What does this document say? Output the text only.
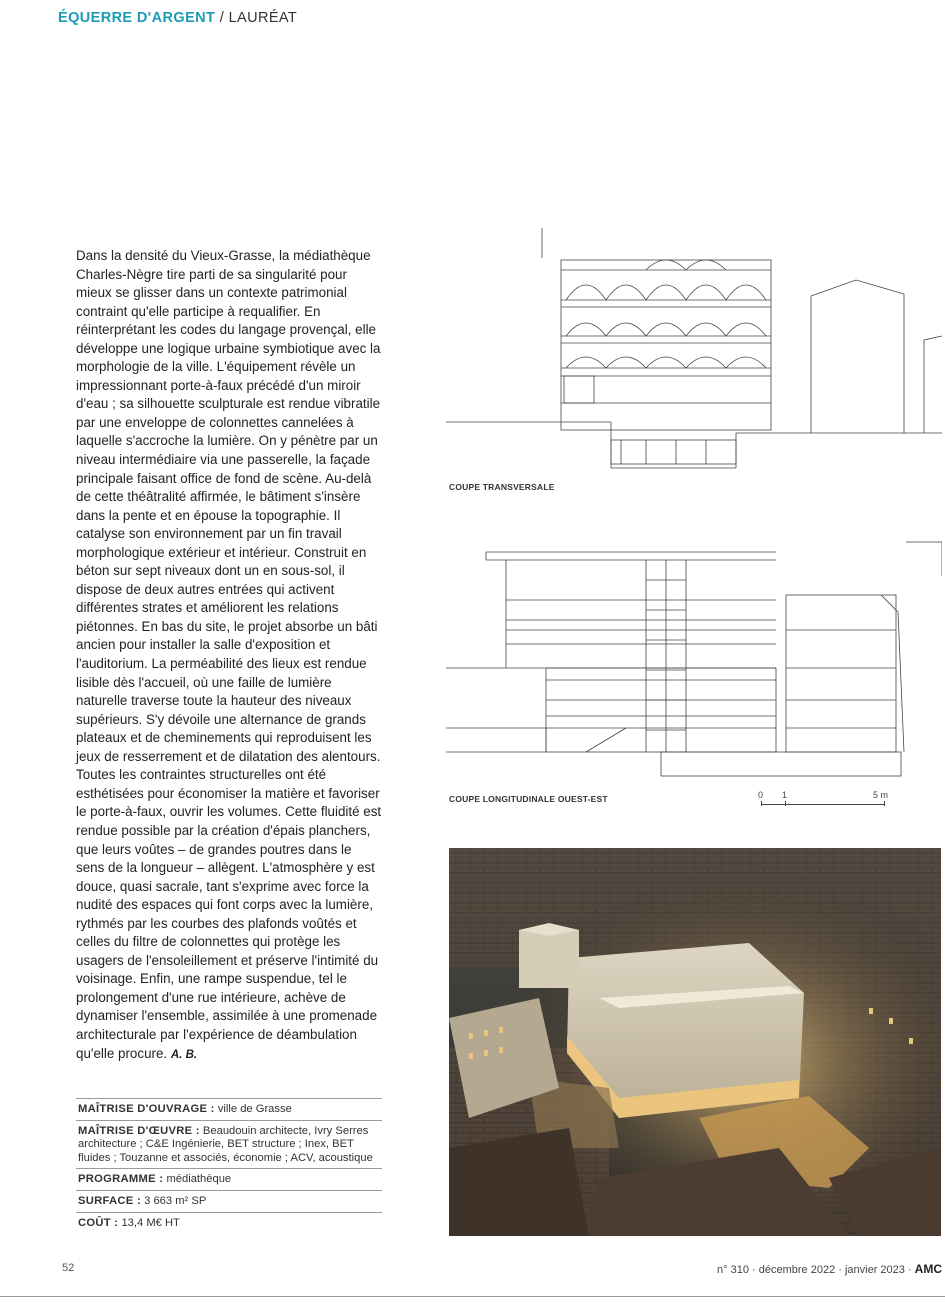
ÉQUERRE D'ARGENT / LAURÉAT
Dans la densité du Vieux-Grasse, la médiathèque Charles-Nègre tire parti de sa singularité pour mieux se glisser dans un contexte patrimonial contraint qu'elle participe à requalifier. En réinterprétant les codes du langage provençal, elle développe une logique urbaine symbiotique avec la morphologie de la ville. L'équipement révèle un impressionnant porte-à-faux précédé d'un miroir d'eau ; sa silhouette sculpturale est rendue vibratile par une enveloppe de colonnettes cannelées à laquelle s'accroche la lumière. On y pénètre par un niveau intermédiaire via une passerelle, la façade principale faisant office de fond de scène. Au-delà de cette théâtralité affirmée, le bâtiment s'insère dans la pente et en épouse la topographie. Il catalyse son environnement par un fin travail morphologique extérieur et intérieur. Construit en béton sur sept niveaux dont un en sous-sol, il dispose de deux autres entrées qui activent différentes strates et améliorent les relations piétonnes. En bas du site, le projet absorbe un bâti ancien pour installer la salle d'exposition et l'auditorium. La perméabilité des lieux est rendue lisible dès l'accueil, où une faille de lumière naturelle traverse toute la hauteur des niveaux supérieurs. S'y dévoile une alternance de grands plateaux et de cheminements qui reproduisent les jeux de resserrement et de dilatation des alentours. Toutes les contraintes structurelles ont été esthétisées pour économiser la matière et favoriser le porte-à-faux, ouvrir les volumes. Cette fluidité est rendue possible par la création d'épais planchers, que leurs voûtes – de grandes poutres dans le sens de la longueur – allègent. L'atmosphère y est douce, quasi sacrale, tant s'exprime avec force la nudité des espaces qui font corps avec la lumière, rythmés par les courbes des plafonds voûtés et celles du filtre de colonnettes qui protège les usagers de l'ensoleillement et préserve l'intimité du voisinage. Enfin, une rampe suspendue, tel le prolongement d'une rue intérieure, achève de dynamiser l'ensemble, assimilée à une promenade architecturale par l'expérience de déambulation qu'elle procure. A. B.
MAÎTRISE D'OUVRAGE : ville de Grasse
MAÎTRISE D'ŒUVRE : Beaudouin architecte, Ivry Serres architecture ; C&E Ingénierie, BET structure ; Inex, BET fluides ; Touzanne et associés, économie ; ACV, acoustique
PROGRAMME : médiathèque
SURFACE : 3 663 m² SP
COÛT : 13,4 M€ HT
COUPE TRANSVERSALE
COUPE LONGITUDINALE OUEST-EST	0 1	5 m
52	n° 310 · décembre 2022 · janvier 2023 · AMC
